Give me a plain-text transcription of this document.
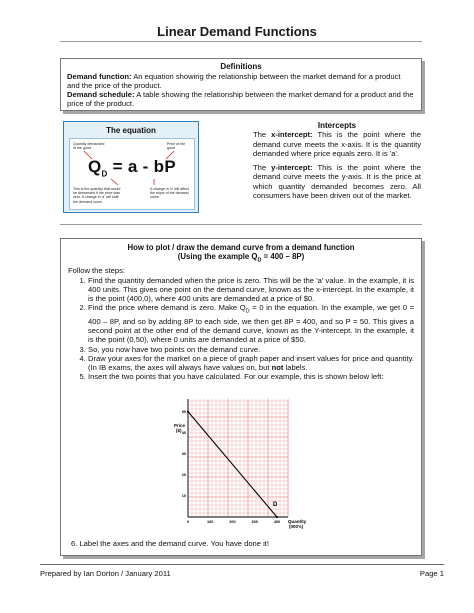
Linear Demand Functions
Definitions
Demand function: An equation showing the relationship between the market demand for a product and the price of the product.
Demand schedule: A table showing the relationship between the market demand for a product and the price of the product.
The equation
Quantity demanded of the good
Price of the good
$Q_D = a$ - bP
This is the quantity that would be demanded if the price was zero. A change in 'a' will shift the demand curve.
A change in 'b' will affect the slope of the demand curve.
Intercepts

The x-intercept: This is the point where the demand curve meets the x-axis. It is the quantity demanded where price equals zero. It is 'a'.

The y-intercept: This is the point where the demand curve meets the y-axis. It is the price at which quantity demanded becomes zero. All consumers have been driven out of the market.

How to plot / draw the demand curve from a demand function
(Using the example $Q_D = 400 - 8P$)
Follow the steps:
1. Find the quantity demanded when the price is zero. This will be the 'a' value. In the example, it is 400 units. This gives one point on the demand curve, known as the x-intercept. In the example, it is the point (400,0), where 400 units are demanded at a price of $0.
2. Find the price where demand is zero. Make $Q_D = 0$ in the equation. In the example, we get 0 = 400 – 8P, and so by adding 8P to each side, we then get 8P = 400, and so P = 50. This gives a second point at the other end of the demand curve, known as the Y-intercept. In the example, it is the point (0,50), where 0 units are demanded at a price of $50.
3. So, you now have two points on the demand curve.
4. Draw your axes for the market on a piece of graph paper and insert values for price and quantity. (In IB exams, the axes will always have values on, but not labels.
5. Insert the two points that you have calculated. For our example, this is shown below left:
0	100	200	300	400
10
20
30
40
50
Price
($)
Quantity
(000's)
D
6. Label the axes and the demand curve. You have done it!
Prepared by Ian Dorton / January 2011	Page 1
